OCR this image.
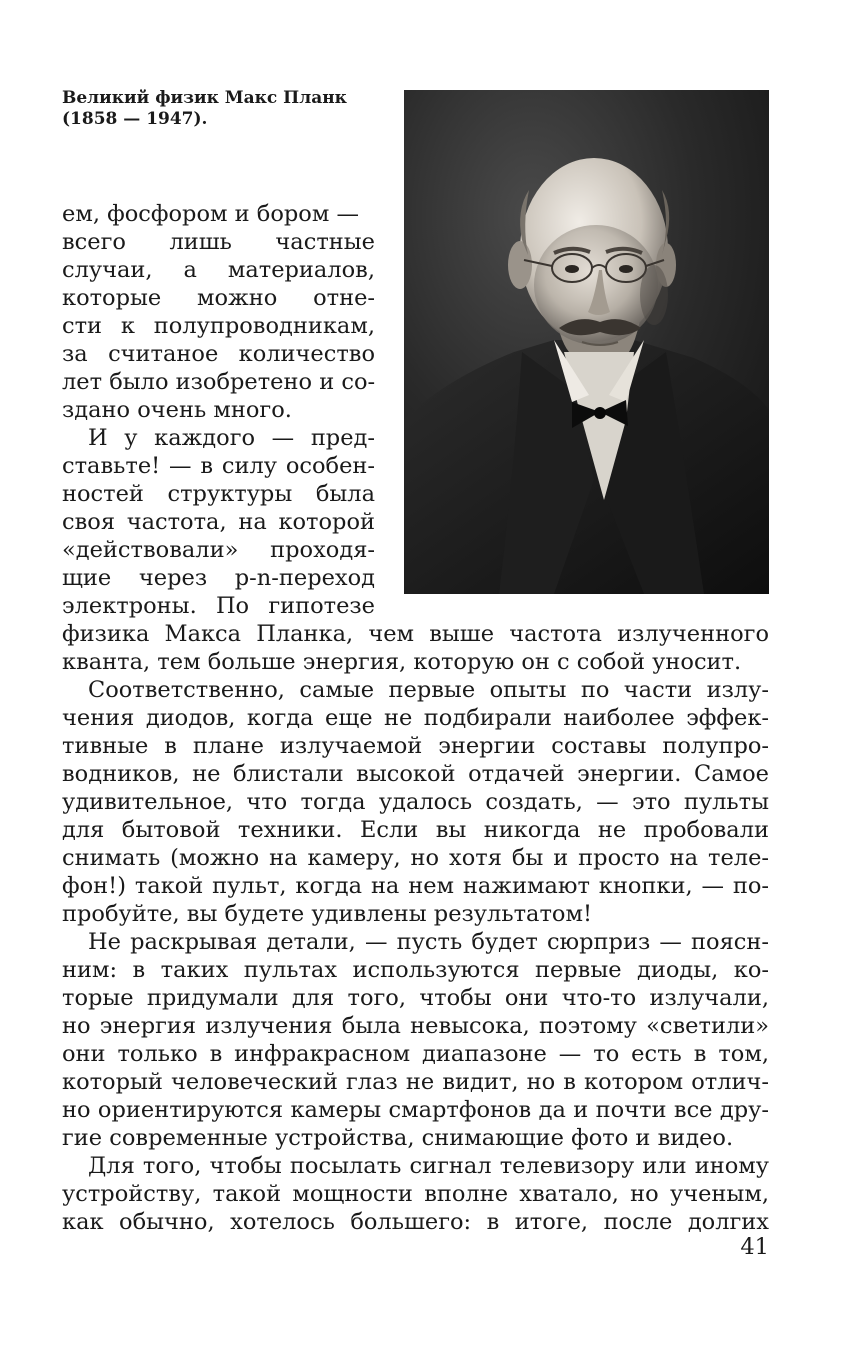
Великий физик Макс Планк
(1858 — 1947).
ем, фосфором и бором —
всего лишь частные
случаи, а материалов,
которые можно отне-
сти к полупроводникам,
за считаное количество
лет было изобретено и со-
здано очень много.
И у каждого — пред-
ставьте! — в силу особен-
ностей структуры была
своя частота, на которой
«действовали» проходя-
щие через p-n-переход
электроны. По гипотезе
физика Макса Планка, чем выше частота излученного
кванта, тем больше энергия, которую он с собой уносит.
Соответственно, самые первые опыты по части излу-
чения диодов, когда еще не подбирали наиболее эффек-
тивные в плане излучаемой энергии составы полупро-
водников, не блистали высокой отдачей энергии. Самое
удивительное, что тогда удалось создать, — это пульты
для бытовой техники. Если вы никогда не пробовали
снимать (можно на камеру, но хотя бы и просто на теле-
фон!) такой пульт, когда на нем нажимают кнопки, — по-
пробуйте, вы будете удивлены результатом!
Не раскрывая детали, — пусть будет сюрприз — поясн-
ним: в таких пультах используются первые диоды, ко-
торые придумали для того, чтобы они что-то излучали,
но энергия излучения была невысока, поэтому «светили»
они только в инфракрасном диапазоне — то есть в том,
который человеческий глаз не видит, но в котором отлич-
но ориентируются камеры смартфонов да и почти все дру-
гие современные устройства, снимающие фото и видео.
Для того, чтобы посылать сигнал телевизору или иному
устройству, такой мощности вполне хватало, но ученым,
как обычно, хотелось большего: в итоге, после долгих
41
